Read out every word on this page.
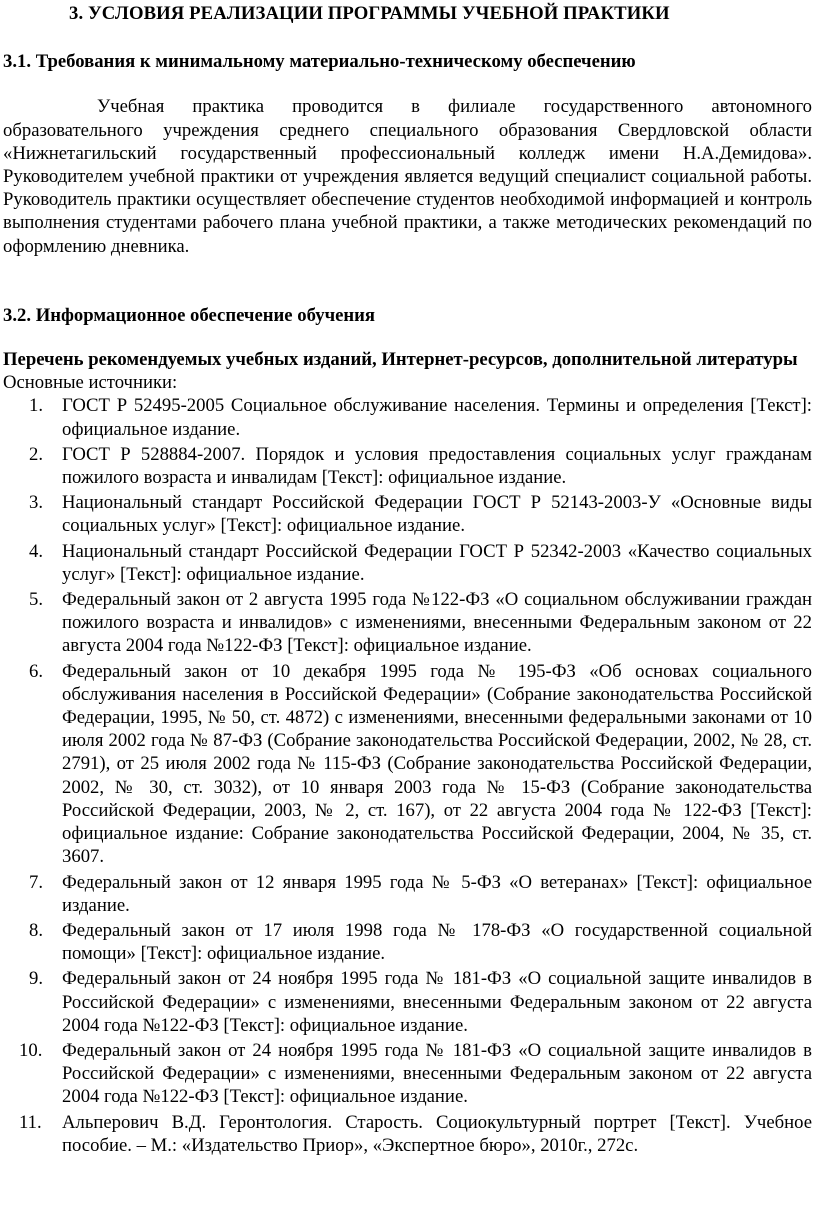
3. УСЛОВИЯ РЕАЛИЗАЦИИ ПРОГРАММЫ УЧЕБНОЙ ПРАКТИКИ

3.1. Требования к минимальному материально-техническому обеспечению

Учебная практика проводится в филиале государственного автономного образовательного учреждения среднего специального образования Свердловской области «Нижнетагильский государственный профессиональный колледж имени Н.А.Демидова». Руководителем учебной практики от учреждения является ведущий специалист социальной работы. Руководитель практики осуществляет обеспечение студентов необходимой информацией и контроль выполнения студентами рабочего плана учебной практики, а также методических рекомендаций по оформлению дневника.

3.2. Информационное обеспечение обучения

Перечень рекомендуемых учебных изданий, Интернет-ресурсов, дополнительной литературы

Основные источники:

1.	ГОСТ Р 52495-2005 Социальное обслуживание населения. Термины и определения [Текст]: официальное издание.
2.	ГОСТ Р 528884-2007. Порядок и условия предоставления социальных услуг гражданам пожилого возраста и инвалидам [Текст]: официальное издание.
3.	Национальный стандарт Российской Федерации ГОСТ Р 52143-2003-У «Основные виды социальных услуг» [Текст]: официальное издание.
4.	Национальный стандарт Российской Федерации ГОСТ Р 52342-2003 «Качество социальных услуг» [Текст]: официальное издание.
5.	Федеральный закон от 2 августа 1995 года №122-ФЗ «О социальном обслуживании граждан пожилого возраста и инвалидов» с изменениями, внесенными Федеральным законом от 22 августа 2004 года №122-ФЗ [Текст]: официальное издание.
6.	Федеральный закон от 10 декабря 1995 года № 195-ФЗ «Об основах социального обслуживания населения в Российской Федерации» (Собрание законодательства Российской Федерации, 1995, № 50, ст. 4872) с изменениями, внесенными федеральными законами от 10 июля 2002 года № 87-ФЗ (Собрание законодательства Российской Федерации, 2002, № 28, ст. 2791), от 25 июля 2002 года № 115-ФЗ (Собрание законодательства Российской Федерации, 2002, № 30, ст. 3032), от 10 января 2003 года № 15-ФЗ (Собрание законодательства Российской Федерации, 2003, № 2, ст. 167), от 22 августа 2004 года № 122-ФЗ [Текст]: официальное издание: Собрание законодательства Российской Федерации, 2004, № 35, ст. 3607.
7.	Федеральный закон от 12 января 1995 года № 5-ФЗ «О ветеранах» [Текст]: официальное издание.
8.	Федеральный закон от 17 июля 1998 года № 178-ФЗ «О государственной социальной помощи» [Текст]: официальное издание.
9.	Федеральный закон от 24 ноября 1995 года № 181-ФЗ «О социальной защите инвалидов в Российской Федерации» с изменениями, внесенными Федеральным законом от 22 августа 2004 года №122-ФЗ [Текст]: официальное издание.
10.	Федеральный закон от 24 ноября 1995 года № 181-ФЗ «О социальной защите инвалидов в Российской Федерации» с изменениями, внесенными Федеральным законом от 22 августа 2004 года №122-ФЗ [Текст]: официальное издание.
11.	Альперович В.Д. Геронтология. Старость. Социокультурный портрет [Текст]. Учебное пособие. – М.: «Издательство Приор», «Экспертное бюро», 2010г., 272с.
